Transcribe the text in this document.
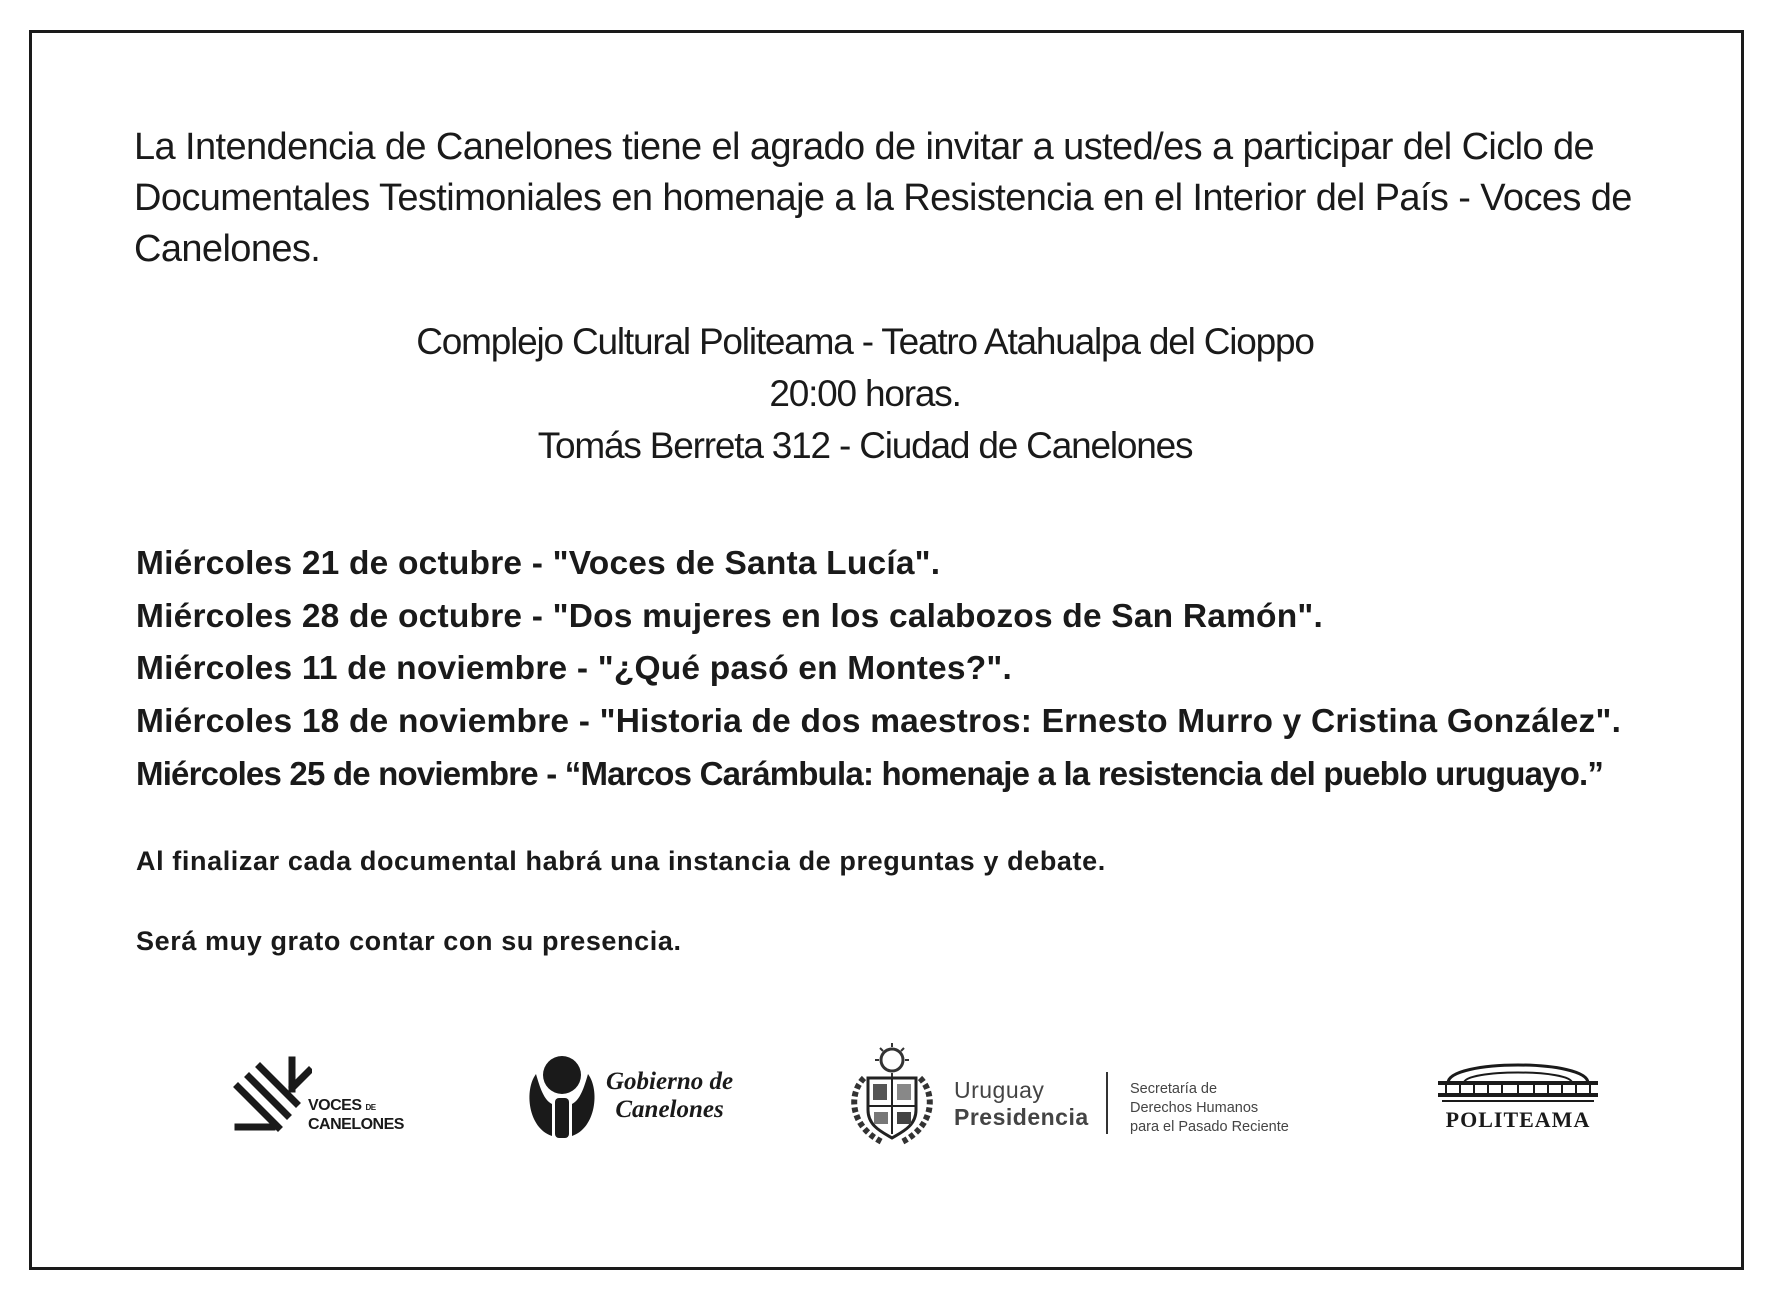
La Intendencia de Canelones tiene el agrado de invitar a usted/es a participar del Ciclo de Documentales Testimoniales en homenaje a la Resistencia en el Interior del País - Voces de Canelones.

Complejo Cultural Politeama - Teatro Atahualpa del Cioppo
20:00 horas.
Tomás Berreta 312 - Ciudad de Canelones
Miércoles 21 de octubre - "Voces de Santa Lucía".
Miércoles 28 de octubre - "Dos mujeres en los calabozos de San Ramón".
Miércoles 11 de noviembre - "¿Qué pasó en Montes?".
Miércoles 18 de noviembre - "Historia de dos maestros: Ernesto Murro y Cristina González".
Miércoles 25 de noviembre - “Marcos Carámbula: homenaje a la resistencia del pueblo uruguayo.”
Al finalizar cada documental habrá una instancia de preguntas y debate.
Será muy grato contar con su presencia.
VOCES DE
CANELONES
Gobierno de
Canelones
Uruguay
Presidencia
Secretaría de
Derechos Humanos
para el Pasado Reciente	POLITEAMA
